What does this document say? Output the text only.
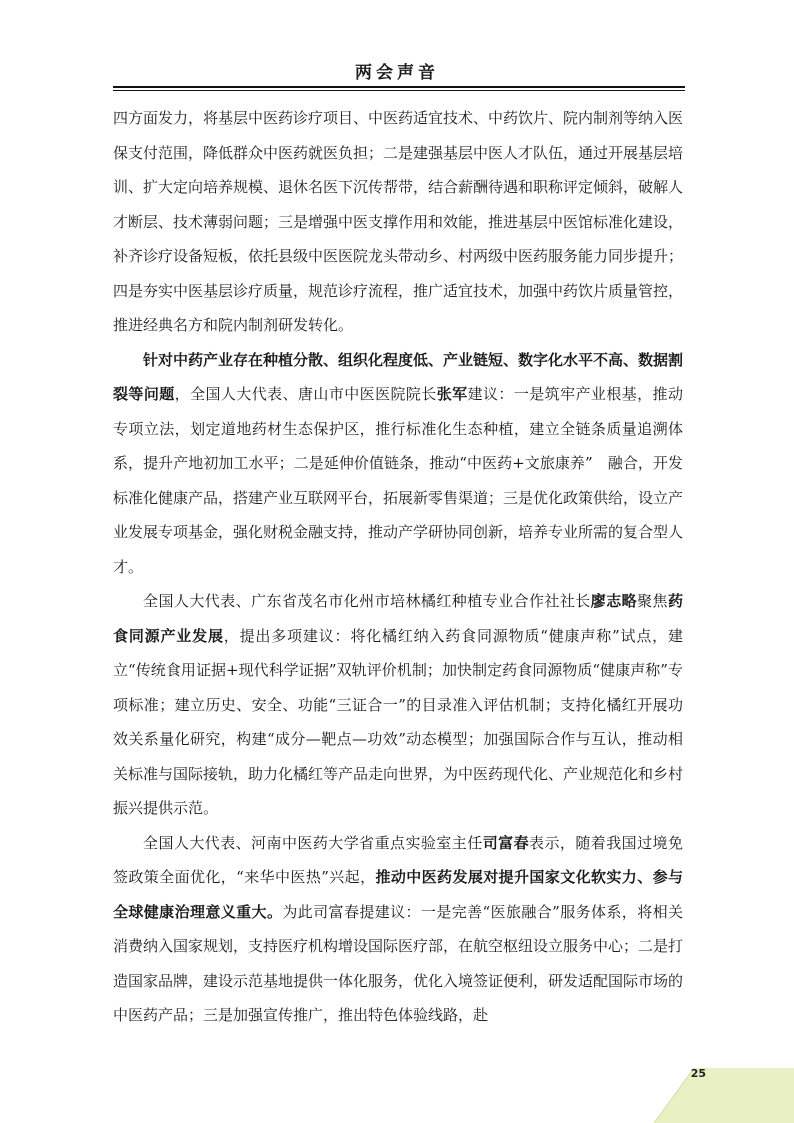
两会声音

四方面发力，将基层中医药诊疗项目、中医药适宜技术、中药饮片、院内制剂等纳入医保支付范围，降低群众中医药就医负担；二是建强基层中医人才队伍，通过开展基层培训、扩大定向培养规模、退休名医下沉传帮带，结合薪酬待遇和职称评定倾斜，破解人才断层、技术薄弱问题；三是增强中医支撑作用和效能，推进基层中医馆标准化建设，补齐诊疗设备短板，依托县级中医医院龙头带动乡、村两级中医药服务能力同步提升；四是夯实中医基层诊疗质量，规范诊疗流程，推广适宜技术，加强中药饮片质量管控，推进经典名方和院内制剂研发转化。

针对中药产业存在种植分散、组织化程度低、产业链短、数字化水平不高、数据割裂等问题，全国人大代表、唐山市中医医院院长张军建议：一是筑牢产业根基，推动专项立法，划定道地药材生态保护区，推行标准化生态种植，建立全链条质量追溯体系，提升产地初加工水平；二是延伸价值链条，推动“中医药+文旅康养”　融合，开发标准化健康产品，搭建产业互联网平台，拓展新零售渠道；三是优化政策供给，设立产业发展专项基金，强化财税金融支持，推动产学研协同创新，培养专业所需的复合型人才。

全国人大代表、广东省茂名市化州市培林橘红种植专业合作社社长廖志略聚焦药食同源产业发展，提出多项建议：将化橘红纳入药食同源物质“健康声称”试点，建立“传统食用证据+现代科学证据”双轨评价机制；加快制定药食同源物质“健康声称”专项标准；建立历史、安全、功能“三证合一”的目录准入评估机制；支持化橘红开展功效关系量化研究，构建“成分—靶点—功效”动态模型；加强国际合作与互认，推动相关标准与国际接轨，助力化橘红等产品走向世界，为中医药现代化、产业规范化和乡村振兴提供示范。

全国人大代表、河南中医药大学省重点实验室主任司富春表示，随着我国过境免签政策全面优化，“来华中医热”兴起，推动中医药发展对提升国家文化软实力、参与全球健康治理意义重大。为此司富春提建议：一是完善“医旅融合”服务体系，将相关消费纳入国家规划，支持医疗机构增设国际医疗部，在航空枢纽设立服务中心；二是打造国家品牌，建设示范基地提供一体化服务，优化入境签证便利，研发适配国际市场的中医药产品；三是加强宣传推广，推出特色体验线路，赴

25
